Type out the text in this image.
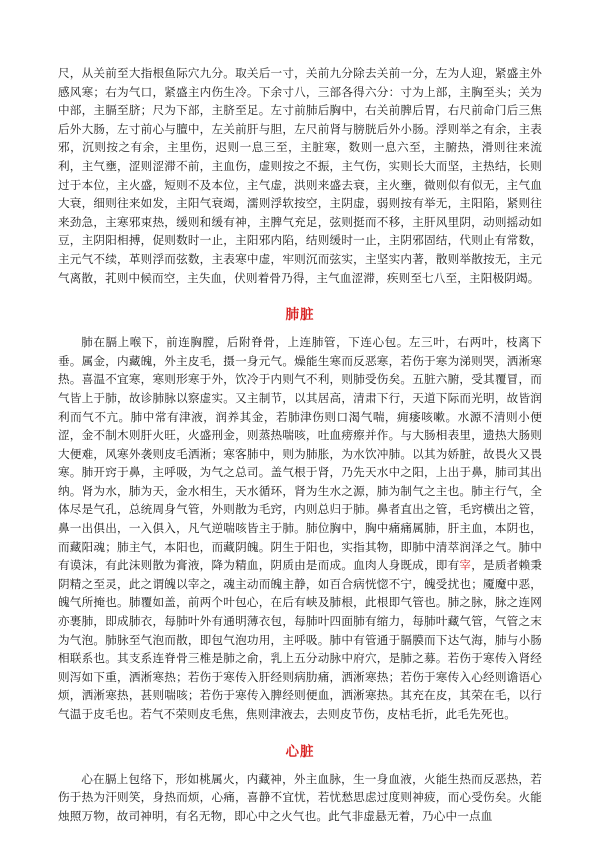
尺，从关前至大指根鱼际穴九分。取关后一寸，关前九分除去关前一分，左为人迎，紧盛主外感风寒；右为气口，紧盛主内伤生冷。下余寸八，三部各得六分：寸为上部，主胸至头；关为中部，主膈至脐；尺为下部，主脐至足。左寸前肺后胸中，右关前脾后胃，右尺前命门后三焦后外大肠，左寸前心与膻中，左关前肝与胆，左尺前肾与膀胱后外小肠。浮则举之有余，主表邪，沉则按之有余，主里伤，迟则一息三至，主脏寒，数则一息六至，主腑热，滑则往来流利，主气壅，涩则涩滞不前，主血伤，虚则按之不振，主气伤，实则长大而坚，主热结，长则过于本位，主火盛，短则不及本位，主气虚，洪则来盛去衰，主火壅，微则似有似无，主气血大衰，细则往来如发，主阳气衰竭，濡则浮软按空，主阴虚，弱则按有举无，主阳陷，紧则往来劲急，主寒邪束热，缓则和缓有神，主脾气充足，弦则挺而不移，主肝风里阴，动则摇动如豆，主阴阳相搏，促则数时一止，主阳邪内陷，结则缓时一止，主阴邪固结，代则止有常数，主元气不续，革则浮而弦数，主表寒中虚，牢则沉而弦实，主坚实内著，散则举散按无，主元气离散，芤则中候而空，主失血，伏则着骨乃得，主气血涩滞，疾则至七八至，主阳极阴竭。

肺脏

肺在膈上喉下，前连胸膛，后附脊骨，上连肺管，下连心包。左三叶，右两叶，枝离下垂。属金，内藏魄，外主皮毛，摄一身元气。燥能生寒而反恶寒，若伤于寒为涕则哭，洒淅寒热。喜温不宜寒，寒则形寒于外，饮冷于内则气不利，则肺受伤矣。五脏六腑，受其覆冒，而气皆上于肺，故诊肺脉以察虚实。又主制节，以其居高，清肃下行，天道下际而光明，故皆润利而气不亢。肺中常有津液，润养其金，若肺津伤则口渴气喘，痈痿咳嗽。水源不清则小便涩，金不制木则肝火旺，火盛刑金，则蒸热喘咳，吐血痨瘵并作。与大肠相表里，遗热大肠则大便难，风寒外袭则皮毛洒淅；寒客肺中，则为肺胀，为水饮冲肺。以其为娇脏，故畏火又畏寒。肺开窍于鼻，主呼吸，为气之总司。盖气根于肾，乃先天水中之阳，上出于鼻，肺司其出纳。肾为水，肺为天，金水相生，天水循环，肾为生水之源，肺为制气之主也。肺主行气，全体尽是气孔，总统周身气管，外则散为毛窍，内则总归于肺。鼻者直出之管，毛窍横出之管，鼻一出俱出，一入俱入，凡气逆喘咳皆主于肺。肺位胸中，胸中痛痛属肺，肝主血，本阴也，而藏阳魂；肺主气，本阳也，而藏阴魄。阴生于阳也，实指其物，即肺中清萃润泽之气。肺中有谟沫，有此沫则散为膏液，降为精血，阴质由是而成。血肉人身既成，即有宰，是质者赖秉阴精之至灵，此之谓魄以宰之，魂主动而魄主静，如百合病恍惚不宁，魄受扰也；魇魔中恶，魄气所掩也。肺覆如盖，前两个叶包心，在后有峡及肺根，此根即气管也。肺之脉，脉之连网亦裹肺，即成肺衣，每肺叶外有通明薄衣包，每肺叶四面肺有缩力，每肺叶藏气管，气管之末为气泡。肺脉至气泡而散，即包气泡功用，主呼吸。肺中有管通于膈膜而下达气海，肺与小肠相联系也。其支系连脊骨三椎是肺之俞，乳上五分动脉中府穴，是肺之募。若伤于寒传入肾经则泻如下重，洒淅寒热；若伤于寒传入肝经则病肋痛，洒淅寒热；若伤于寒传入心经则谵语心烦，洒淅寒热，甚则喘咳；若伤于寒传入脾经则便血，洒淅寒热。其充在皮，其荣在毛，以行气温于皮毛也。若气不荣则皮毛焦，焦则津液去，去则皮节伤，皮枯毛折，此毛先死也。

心脏

心在膈上包络下，形如桃属火，内藏神，外主血脉，生一身血液，火能生热而反恶热，若伤于热为汗则笑，身热而烦，心痛，喜静不宜忧，若忧愁思虑过度则神疲，而心受伤矣。火能烛照万物，故司神明，有名无物，即心中之火气也。此气非虚悬无着，乃心中一点血
